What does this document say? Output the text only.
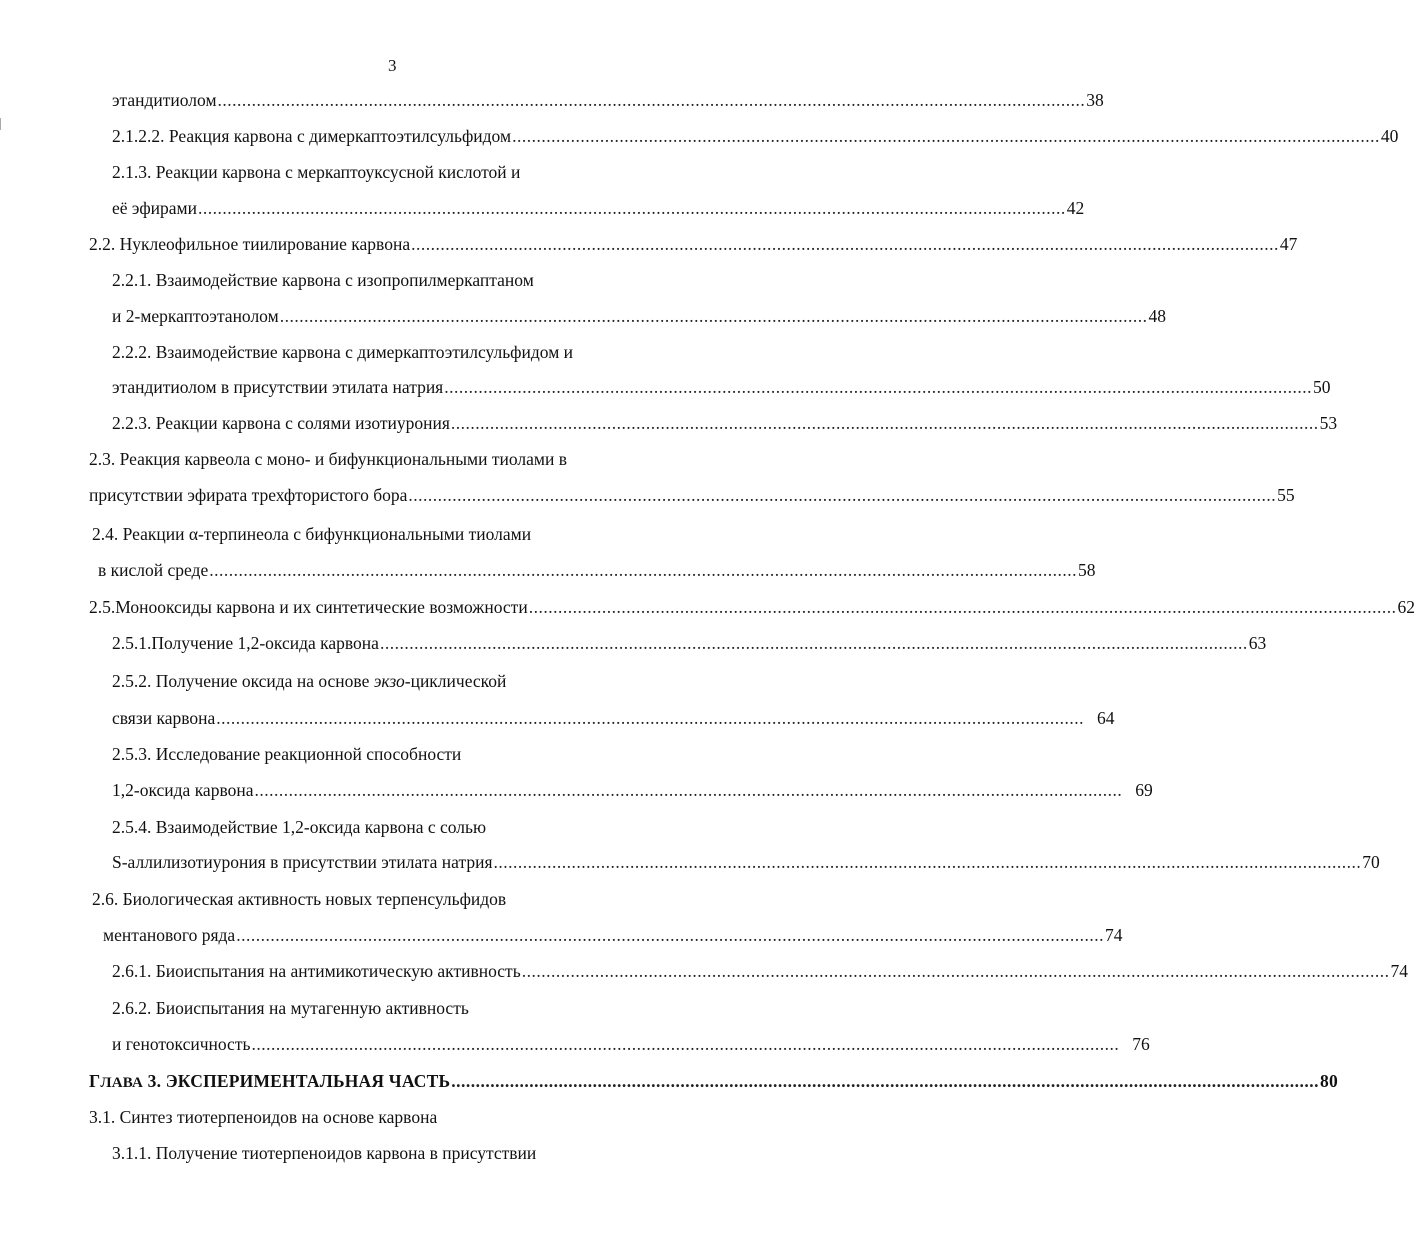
3
этандитиолом .................................................................................................................................................................................. 38
2.1.2.2. Реакция карвона с димеркаптоэтилсульфидом .................................................................................................................................................................................. 40
2.1.3. Реакции карвона с меркаптоуксусной кислотой и
её эфирами .................................................................................................................................................................................. 42
2.2. Нуклеофильное тиилирование карвона .................................................................................................................................................................................. 47
2.2.1. Взаимодействие карвона с изопропилмеркаптаном
и 2-меркаптоэтанолом .................................................................................................................................................................................. 48
2.2.2. Взаимодействие карвона с димеркаптоэтилсульфидом и
этандитиолом в присутствии этилата натрия .................................................................................................................................................................................. 50
2.2.3. Реакции карвона с солями изотиурония .................................................................................................................................................................................. 53
2.3. Реакция карвеола с моно- и бифункциональными тиолами в
присутствии эфирата трехфтористого бора .................................................................................................................................................................................. 55
2.4. Реакции α-терпинеола с бифункциональными тиолами
в кислой среде .................................................................................................................................................................................. 58
2.5.Монооксиды карвона и их синтетические возможности .................................................................................................................................................................................. 62
2.5.1.Получение 1,2-оксида карвона .................................................................................................................................................................................. 63
2.5.2. Получение оксида на основе экзо-циклической
связи карвона .................................................................................................................................................................................. 64
2.5.3. Исследование реакционной способности
1,2-оксида карвона .................................................................................................................................................................................. 69
2.5.4. Взаимодействие 1,2-оксида карвона с солью
S-аллилизотиурония в присутствии этилата натрия .................................................................................................................................................................................. 70
2.6. Биологическая активность новых терпенсульфидов
ментанового ряда .................................................................................................................................................................................. 74
2.6.1. Биоиспытания на антимикотическую активность .................................................................................................................................................................................. 74
2.6.2. Биоиспытания на мутагенную активность
и генотоксичность .................................................................................................................................................................................. 76
ГЛАВА 3. ЭКСПЕРИМЕНТАЛЬНАЯ ЧАСТЬ .................................................................................................................................................................................. 80
3.1. Синтез тиотерпеноидов на основе карвона
3.1.1. Получение тиотерпеноидов карвона в присутствии
